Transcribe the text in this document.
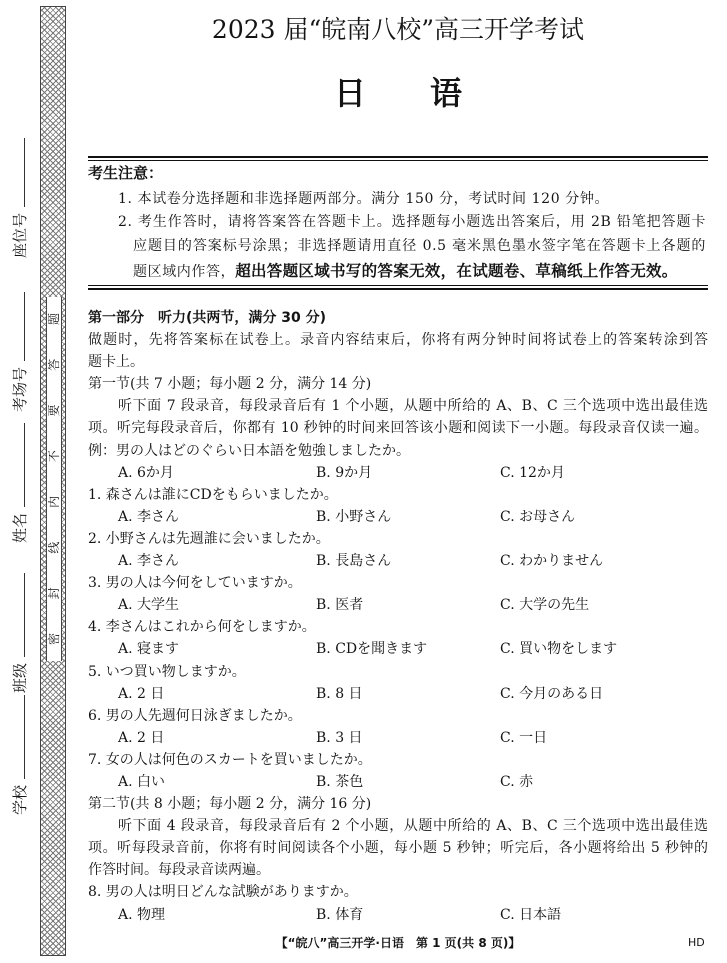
座位号
考场号
姓名
班级
学校
密封线内不要答题
2023 届“皖南八校”高三开学考试
日　　语
考生注意：
1. 本试卷分选择题和非选择题两部分。满分 150 分，考试时间 120 分钟。
2. 考生作答时，请将答案答在答题卡上。选择题每小题选出答案后，用 2B 铅笔把答题卡
应题目的答案标号涂黑；非选择题请用直径 0.5 毫米黑色墨水签字笔在答题卡上各题的
题区域内作答，超出答题区域书写的答案无效，在试题卷、草稿纸上作答无效。
第一部分　听力(共两节，满分 30 分)
做题时，先将答案标在试卷上。录音内容结束后，你将有两分钟时间将试卷上的答案转涂到答
题卡上。
第一节(共 7 小题；每小题 2 分，满分 14 分)
听下面 7 段录音，每段录音后有 1 个小题，从题中所给的 A、B、C 三个选项中选出最佳选
项。听完每段录音后，你都有 10 秒钟的时间来回答该小题和阅读下一小题。每段录音仅读一遍。
例：男の人はどのぐらい日本語を勉強しましたか。
A. 6か月	B. 9か月	C. 12か月
1. 森さんは誰にCDをもらいましたか。
A. 李さん	B. 小野さん	C. お母さん
2. 小野さんは先週誰に会いましたか。
A. 李さん	B. 長島さん	C. わかりません
3. 男の人は今何をしていますか。
A. 大学生	B. 医者	C. 大学の先生
4. 李さんはこれから何をしますか。
A. 寝ます	B. CDを聞きます	C. 買い物をします
5. いつ買い物しますか。
A. 2 日	B. 8 日	C. 今月のある日
6. 男の人先週何日泳ぎましたか。
A. 2 日	B. 3 日	C. 一日
7. 女の人は何色のスカートを買いましたか。
A. 白い	B. 茶色	C. 赤
第二节(共 8 小题；每小题 2 分，满分 16 分)
听下面 4 段录音，每段录音后有 2 个小题，从题中所给的 A、B、C 三个选项中选出最佳选
项。听每段录音前，你将有时间阅读各个小题，每小题 5 秒钟；听完后，各小题将给出 5 秒钟的
作答时间。每段录音读两遍。
8. 男の人は明日どんな試験がありますか。
A. 物理	B. 体育	C. 日本語
【“皖八”高三开学·日语　第 1 页(共 8 页)】	HD
